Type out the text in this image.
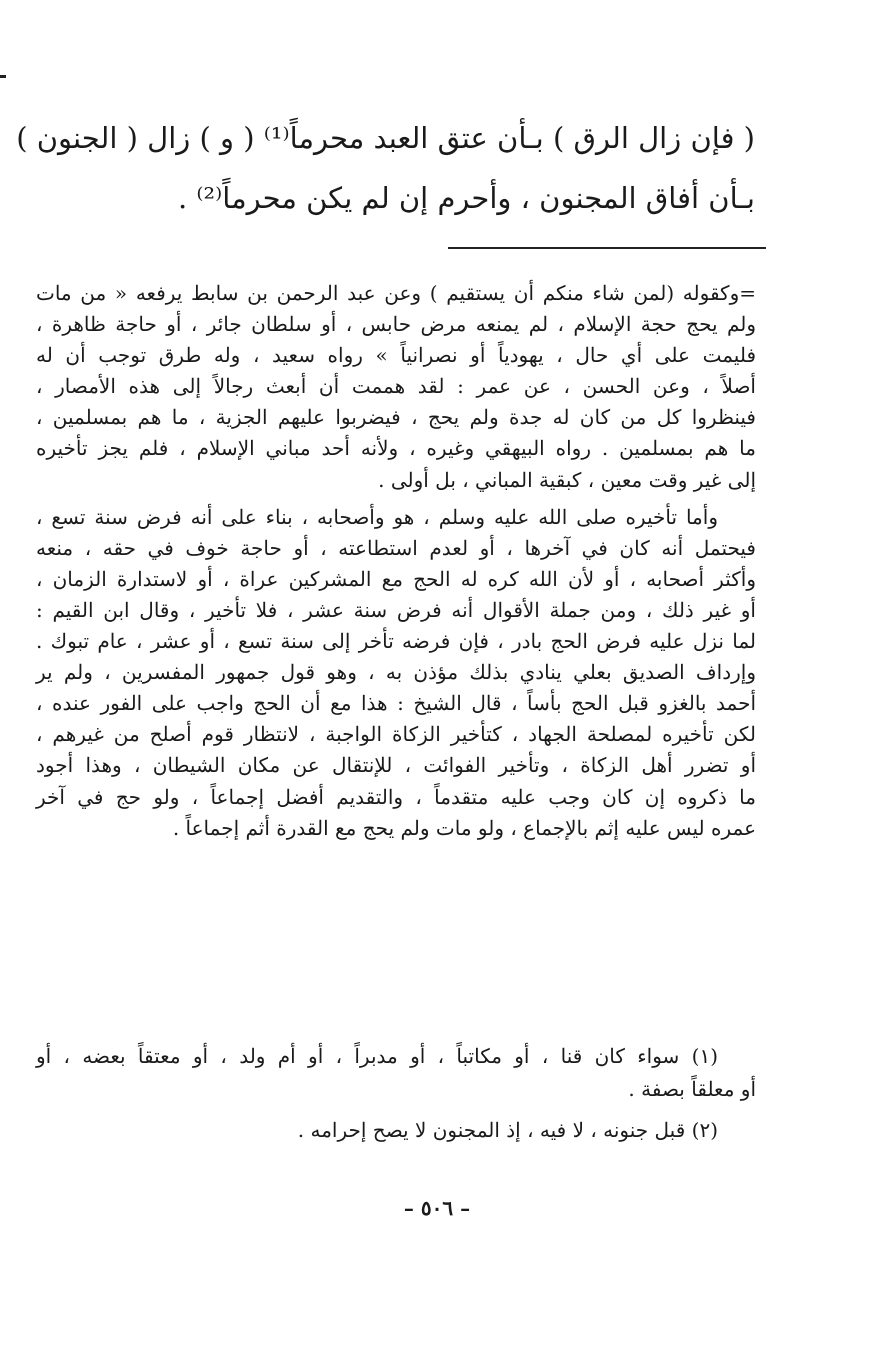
( فإن زال الرق ) بـأن عتق العبد محرماً⁽¹⁾ ( و ) زال ( الجنون )
بـأن أفاق المجنون ، وأحرم إن لم يكن محرماً⁽²⁾ .
=وكقوله (لمن شاء منكم أن يستقيم ) وعن عبد الرحمن بن سابط يرفعه « من مات
ولم يحج حجة الإسلام ، لم يمنعه مرض حابس ، أو سلطان جائر ، أو حاجة ظاهرة ،
فليمت على أي حال ، يهودياً أو نصرانياً » رواه سعيد ، وله طرق توجب أن له
أصلاً ، وعن الحسن ، عن عمر : لقد هممت أن أبعث رجالاً إلى هذه الأمصار ،
فينظروا كل من كان له جدة ولم يحج ، فيضربوا عليهم الجزية ، ما هم بمسلمين ،
ما هم بمسلمين . رواه البيهقي وغيره ، ولأنه أحد مباني الإسلام ، فلم يجز تأخيره
إلى غير وقت معين ، كبقية المباني ، بل أولى .
وأما تأخيره صلى الله عليه وسلم ، هو وأصحابه ، بناء على أنه فرض سنة تسع ،
فيحتمل أنه كان في آخرها ، أو لعدم استطاعته ، أو حاجة خوف في حقه ، منعه
وأكثر أصحابه ، أو لأن الله كره له الحج مع المشركين عراة ، أو لاستدارة الزمان ،
أو غير ذلك ، ومن جملة الأقوال أنه فرض سنة عشر ، فلا تأخير ، وقال ابن القيم :
لما نزل عليه فرض الحج بادر ، فإن فرضه تأخر إلى سنة تسع ، أو عشر ، عام تبوك .
وإرداف الصديق بعلي ينادي بذلك مؤذن به ، وهو قول جمهور المفسرين ، ولم ير
أحمد بالغزو قبل الحج بأساً ، قال الشيخ : هذا مع أن الحج واجب على الفور عنده ،
لكن تأخيره لمصلحة الجهاد ، كتأخير الزكاة الواجبة ، لانتظار قوم أصلح من غيرهم ،
أو تضرر أهل الزكاة ، وتأخير الفوائت ، للإنتقال عن مكان الشيطان ، وهذا أجود
ما ذكروه إن كان وجب عليه متقدماً ، والتقديم أفضل إجماعاً ، ولو حج في آخر
عمره ليس عليه إثم بالإجماع ، ولو مات ولم يحج مع القدرة أثم إجماعاً .
(١) سواء كان قنا ، أو مكاتباً ، أو مدبراً ، أو أم ولد ، أو معتقاً بعضه ، أو
أو معلقاً بصفة .
(٢) قبل جنونه ، لا فيه ، إذ المجنون لا يصح إحرامه .
– ٥٠٦ –
